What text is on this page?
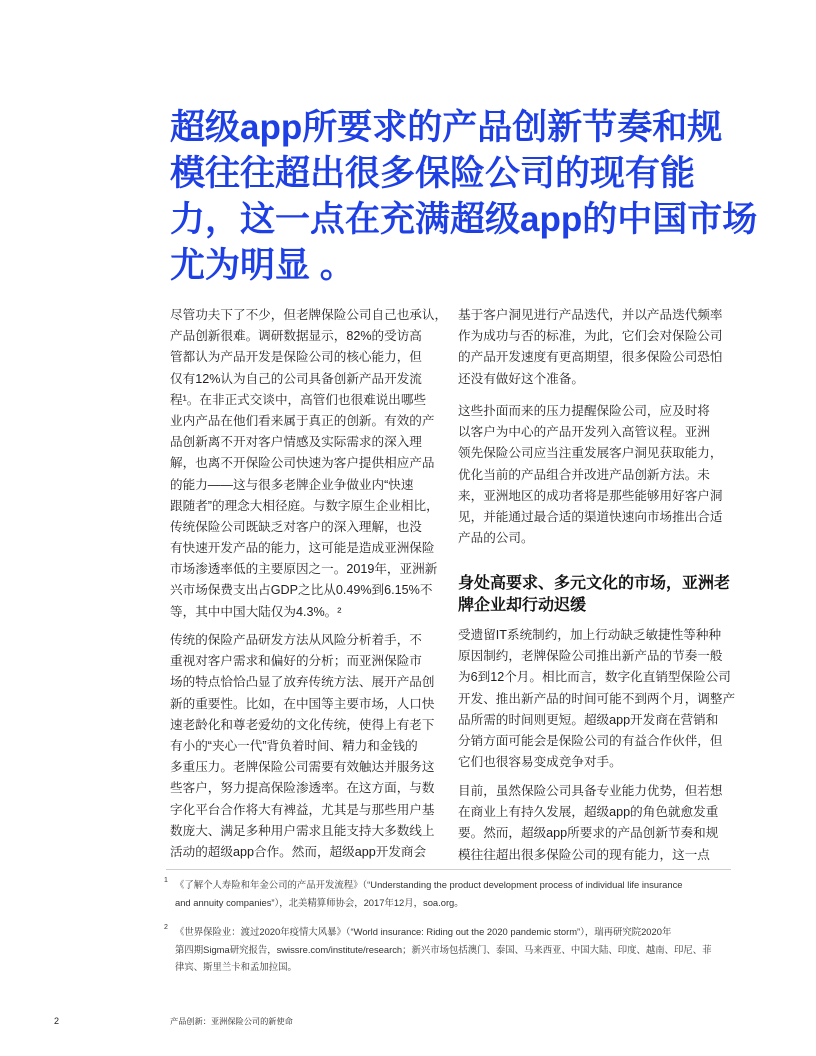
超级app所要求的产品创新节奏和规
模往往超出很多保险公司的现有能
力，这一点在充满超级app的中国市场
尤为明显 。
尽管功夫下了不少，但老牌保险公司自己也承认，
产品创新很难。调研数据显示，82%的受访高
管都认为产品开发是保险公司的核心能力，但
仅有12%认为自己的公司具备创新产品开发流
程¹。在非正式交谈中，高管们也很难说出哪些
业内产品在他们看来属于真正的创新。有效的产
品创新离不开对客户情感及实际需求的深入理
解，也离不开保险公司快速为客户提供相应产品
的能力——这与很多老牌企业争做业内“快速
跟随者”的理念大相径庭。与数字原生企业相比，
传统保险公司既缺乏对客户的深入理解，也没
有快速开发产品的能力，这可能是造成亚洲保险
市场渗透率低的主要原因之一。2019年，亚洲新
兴市场保费支出占GDP之比从0.49%到6.15%不
等，其中中国大陆仅为4.3%。²
传统的保险产品研发方法从风险分析着手，不
重视对客户需求和偏好的分析；而亚洲保险市
场的特点恰恰凸显了放弃传统方法、展开产品创
新的重要性。比如，在中国等主要市场，人口快
速老龄化和尊老爱幼的文化传统，使得上有老下
有小的“夹心一代”背负着时间、精力和金钱的
多重压力。老牌保险公司需要有效触达并服务这
些客户，努力提高保险渗透率。在这方面，与数
字化平台合作将大有裨益，尤其是与那些用户基
数庞大、满足多种用户需求且能支持大多数线上
活动的超级app合作。然而，超级app开发商会
基于客户洞见进行产品迭代，并以产品迭代频率
作为成功与否的标准，为此，它们会对保险公司
的产品开发速度有更高期望，很多保险公司恐怕
还没有做好这个准备。
这些扑面而来的压力提醒保险公司，应及时将
以客户为中心的产品开发列入高管议程。亚洲
领先保险公司应当注重发展客户洞见获取能力，
优化当前的产品组合并改进产品创新方法。未
来，亚洲地区的成功者将是那些能够用好客户洞
见，并能通过最合适的渠道快速向市场推出合适
产品的公司。
身处高要求、多元文化的市场，亚洲老
牌企业却行动迟缓
受遗留IT系统制约，加上行动缺乏敏捷性等种种
原因制约，老牌保险公司推出新产品的节奏一般
为6到12个月。相比而言，数字化直销型保险公司
开发、推出新产品的时间可能不到两个月，调整产
品所需的时间则更短。超级app开发商在营销和
分销方面可能会是保险公司的有益合作伙伴，但
它们也很容易变成竞争对手。
目前，虽然保险公司具备专业能力优势，但若想
在商业上有持久发展，超级app的角色就愈发重
要。然而，超级app所要求的产品创新节奏和规
模往往超出很多保险公司的现有能力，这一点
1 《了解个人寿险和年金公司的产品开发流程》（“Understanding the product development process of individual life insurance
and annuity companies”），北美精算师协会，2017年12月，soa.org。
2 《世界保险业：渡过2020年疫情大风暴》（“World insurance: Riding out the 2020 pandemic storm”），瑞再研究院2020年
第四期Sigma研究报告，swissre.com/institute/research；新兴市场包括澳门、泰国、马来西亚、中国大陆、印度、越南、印尼、菲
律宾、斯里兰卡和孟加拉国。
2	产品创新：亚洲保险公司的新使命
